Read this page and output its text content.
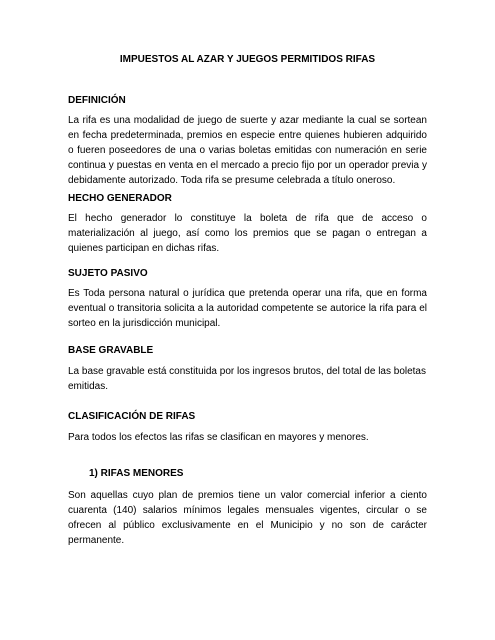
IMPUESTOS AL AZAR Y JUEGOS PERMITIDOS RIFAS
DEFINICIÓN
La rifa es una modalidad de juego de suerte y azar mediante la cual se sortean en fecha predeterminada, premios en especie entre quienes hubieren adquirido o fueren poseedores de una o varias boletas emitidas con numeración en serie continua y puestas en venta en el mercado a precio fijo por un operador previa y debidamente autorizado. Toda rifa se presume celebrada a título oneroso.
HECHO GENERADOR
El hecho generador lo constituye la boleta de rifa que de acceso o materialización al juego, así como los premios que se pagan o entregan a quienes participan en dichas rifas.
SUJETO PASIVO
Es Toda persona natural o jurídica que pretenda operar una rifa, que en forma eventual o transitoria solicita a la autoridad competente se autorice la rifa para el sorteo en la jurisdicción municipal.
BASE GRAVABLE
La base gravable está constituida por los ingresos brutos, del total de las boletas emitidas.
CLASIFICACIÓN DE RIFAS
Para todos los efectos las rifas se clasifican en mayores y menores.
1) RIFAS MENORES
Son aquellas cuyo plan de premios tiene un valor comercial inferior a ciento cuarenta (140) salarios mínimos legales mensuales vigentes, circular o se ofrecen al público exclusivamente en el Municipio y no son de carácter permanente.
